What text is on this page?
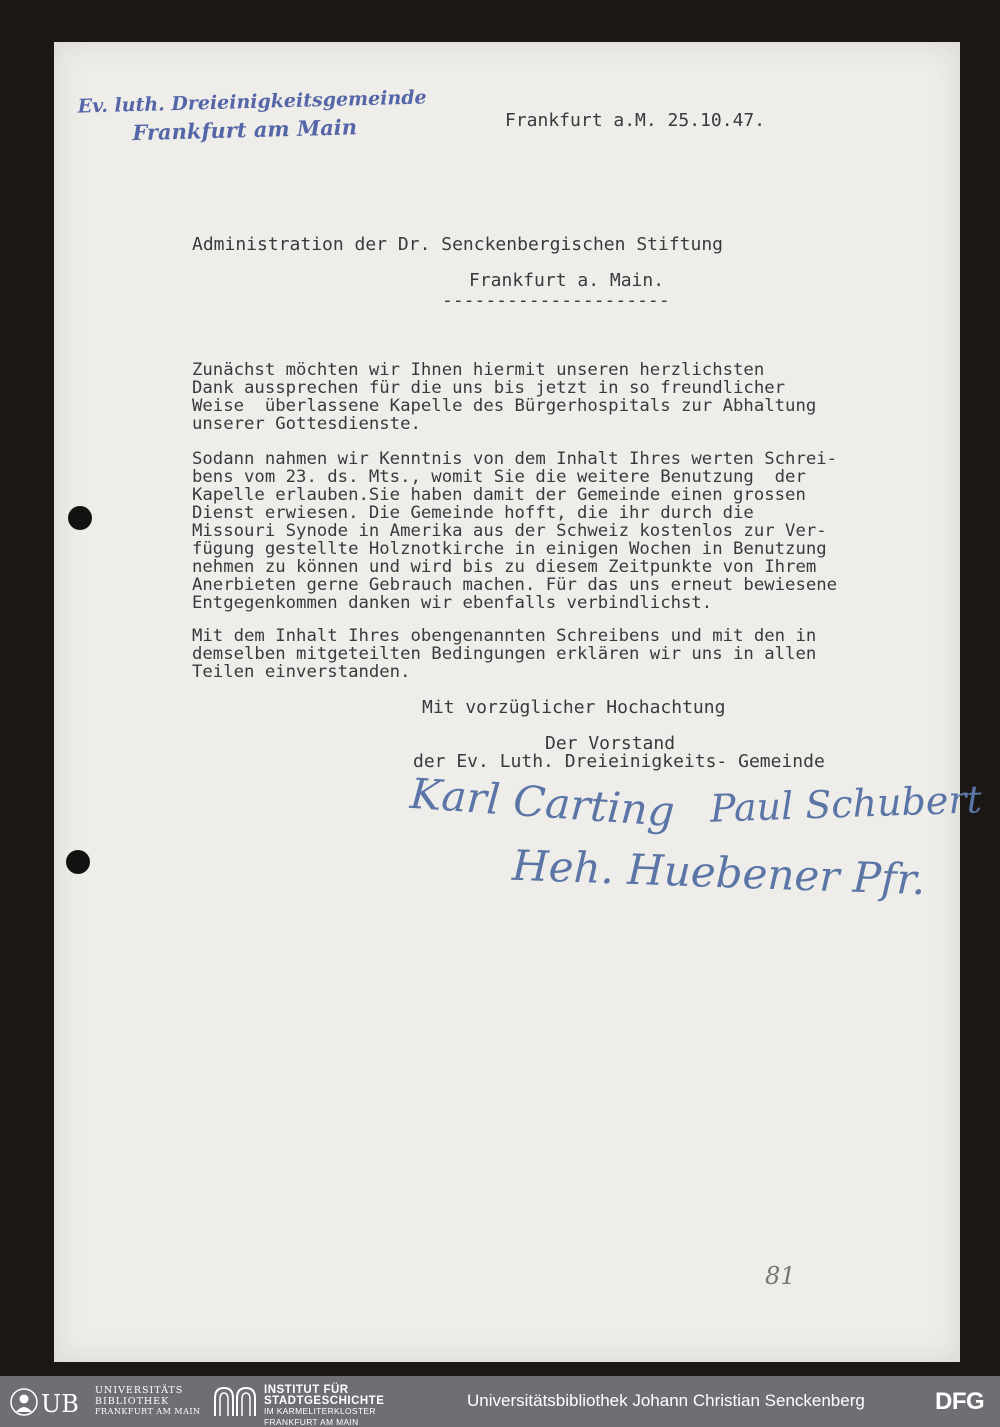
Ev. luth. Dreieinigkeitsgemeinde
Frankfurt am Main	Frankfurt a.M. 25.10.47.
Administration der Dr. Senckenbergischen Stiftung
Frankfurt a. Main.
---------------------

Zunächst möchten wir Ihnen hiermit unseren herzlichsten
Dank aussprechen für die uns bis jetzt in so freundlicher
Weise  überlassene Kapelle des Bürgerhospitals zur Abhaltung
unserer Gottesdienste.

Sodann nahmen wir Kenntnis von dem Inhalt Ihres werten Schrei-
bens vom 23. ds. Mts., womit Sie die weitere Benutzung  der
Kapelle erlauben.Sie haben damit der Gemeinde einen grossen
Dienst erwiesen. Die Gemeinde hofft, die ihr durch die
Missouri Synode in Amerika aus der Schweiz kostenlos zur Ver-
fügung gestellte Holznotkirche in einigen Wochen in Benutzung
nehmen zu können und wird bis zu diesem Zeitpunkte von Ihrem
Anerbieten gerne Gebrauch machen. Für das uns erneut bewiesene
Entgegenkommen danken wir ebenfalls verbindlichst.

Mit dem Inhalt Ihres obengenannten Schreibens und mit den in
demselben mitgeteilten Bedingungen erklären wir uns in allen
Teilen einverstanden.

Mit vorzüglicher Hochachtung
Der Vorstand
der Ev. Luth. Dreieinigkeits- Gemeinde
Karl Carting Paul Schubert
Heh. Huebener Pfr.
81
UB UNIVERSITÄTS
BIBLIOTHEK
FRANKFURT AM MAIN
INSTITUT FÜR
STADTGESCHICHTE
IM KARMELITERKLOSTER
FRANKFURT AM MAIN
Universitätsbibliothek Johann Christian Senckenberg	DFG
